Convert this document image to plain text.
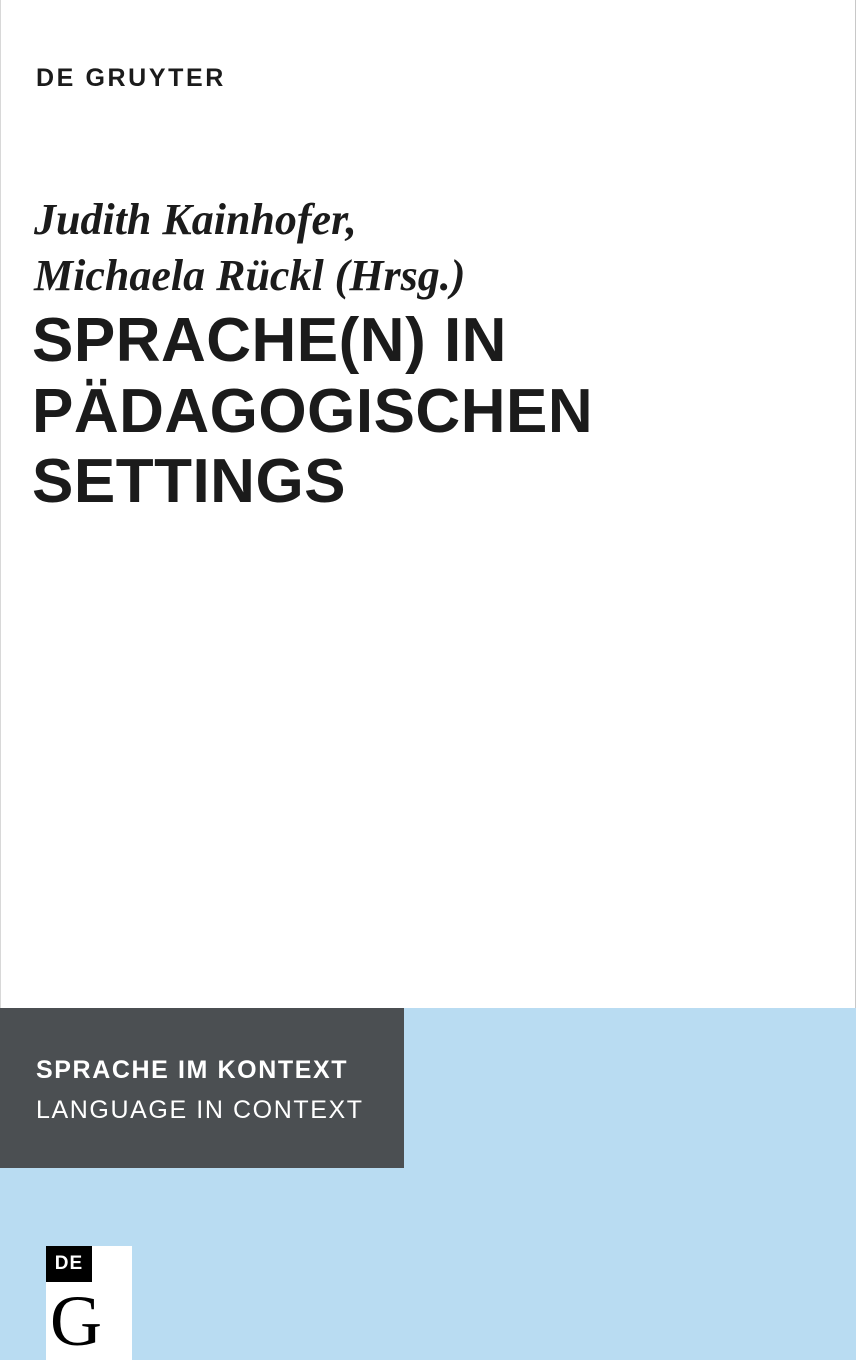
DE GRUYTER
Judith Kainhofer,
Michaela Rückl (Hrsg.)
SPRACHE(N) IN
PÄDAGOGISCHEN
SETTINGS
SPRACHE IM KONTEXT
LANGUAGE IN CONTEXT
DE
G
